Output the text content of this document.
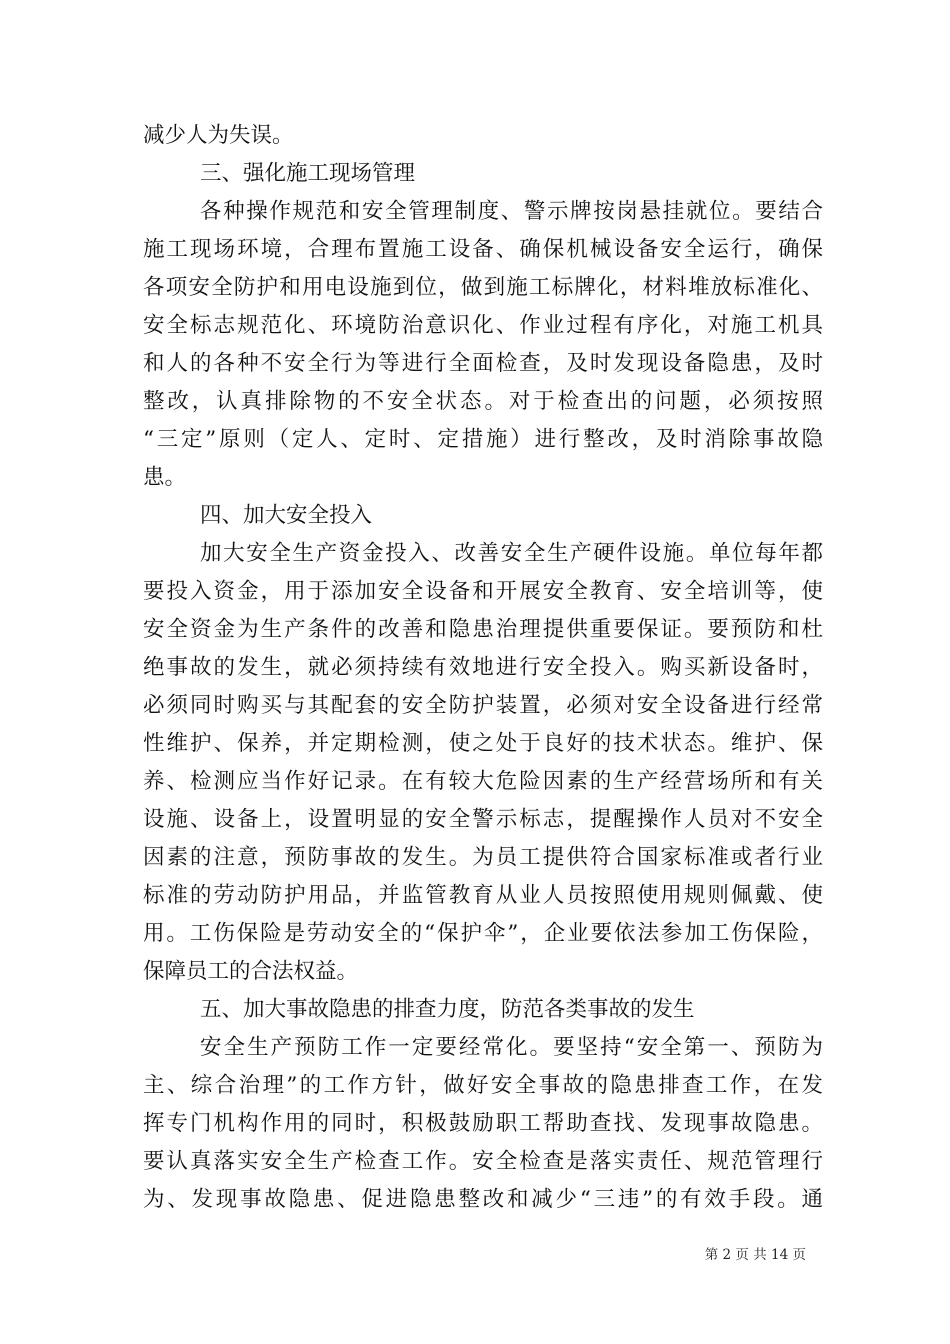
减少人为失误。
三、强化施工现场管理
各种操作规范和安全管理制度、警示牌按岗悬挂就位。要结合
施工现场环境，合理布置施工设备、确保机械设备安全运行，确保
各项安全防护和用电设施到位，做到施工标牌化，材料堆放标准化、
安全标志规范化、环境防治意识化、作业过程有序化，对施工机具
和人的各种不安全行为等进行全面检查，及时发现设备隐患，及时
整改，认真排除物的不安全状态。对于检查出的问题，必须按照
“三定”原则（定人、定时、定措施）进行整改，及时消除事故隐
患。
四、加大安全投入
加大安全生产资金投入、改善安全生产硬件设施。单位每年都
要投入资金，用于添加安全设备和开展安全教育、安全培训等，使
安全资金为生产条件的改善和隐患治理提供重要保证。要预防和杜
绝事故的发生，就必须持续有效地进行安全投入。购买新设备时，
必须同时购买与其配套的安全防护装置，必须对安全设备进行经常
性维护、保养，并定期检测，使之处于良好的技术状态。维护、保
养、检测应当作好记录。在有较大危险因素的生产经营场所和有关
设施、设备上，设置明显的安全警示标志，提醒操作人员对不安全
因素的注意，预防事故的发生。为员工提供符合国家标准或者行业
标准的劳动防护用品，并监管教育从业人员按照使用规则佩戴、使
用。工伤保险是劳动安全的“保护伞”，企业要依法参加工伤保险，
保障员工的合法权益。
五、加大事故隐患的排查力度，防范各类事故的发生
安全生产预防工作一定要经常化。要坚持“安全第一、预防为
主、综合治理”的工作方针，做好安全事故的隐患排查工作，在发
挥专门机构作用的同时，积极鼓励职工帮助查找、发现事故隐患。
要认真落实安全生产检查工作。安全检查是落实责任、规范管理行
为、发现事故隐患、促进隐患整改和减少“三违”的有效手段。通
第 2 页 共 14 页
